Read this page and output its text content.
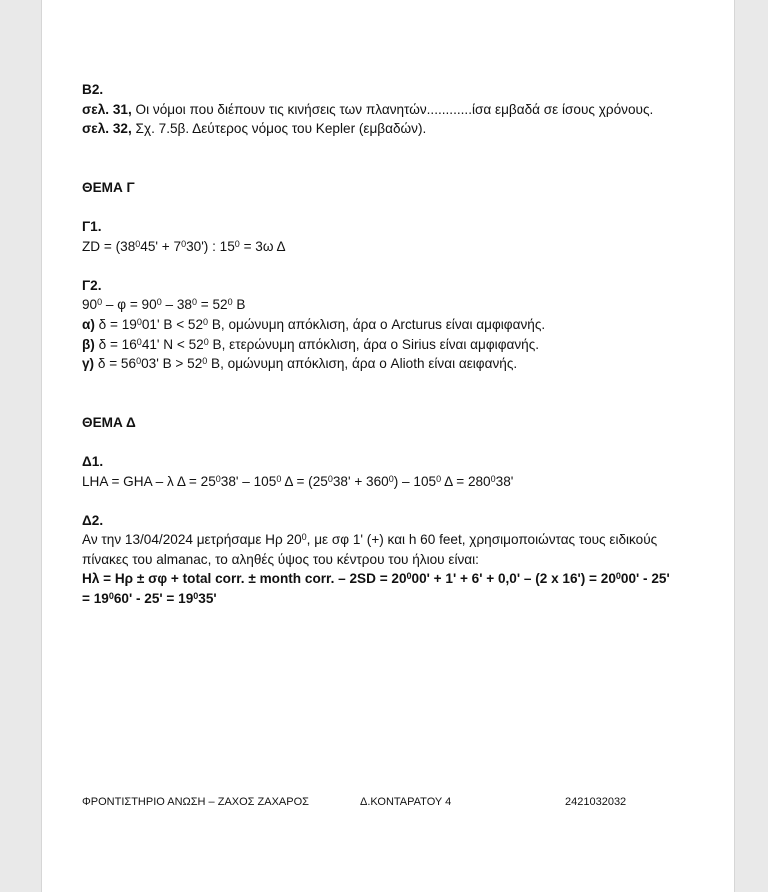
Β2.
σελ. 31, Οι νόμοι που διέπουν τις κινήσεις των πλανητών............ίσα εμβαδά σε ίσους χρόνους.
σελ. 32, Σχ. 7.5β. Δεύτερος νόμος του Kepler (εμβαδών).
ΘΕΜΑ Γ
Γ1.
ZD = $(38^045' + 7^030')$ : $15^0 = 3\omega$ Δ
Γ2.
$90^0 - \varphi = 90^0 - 38^0 = 52^0$ Β
α) $\delta = 19^001'$ $B < 52^0$ Β, ομώνυμη απόκλιση, άρα ο Arcturus είναι αμφιφανής.
β) $\delta = 16^041'$ $N < 52^0$ Β, ετερώνυμη απόκλιση, άρα ο Sirius είναι αμφιφανής.
γ) $\delta = 56^003'$ $B > 52^0$ Β, ομώνυμη απόκλιση, άρα ο Alioth είναι αειφανής.
ΘΕΜΑ Δ
Δ1.
LHA = GHA – λ $\Delta = 25^038' - 105^0$ $\Delta = (25^038' + 360^0) - 105^0$ $\Delta = 280^038'$
Δ2.
Αν την 13/04/2024 μετρήσαμε Hρ $20^0$, με σφ 1' (+) και h 60 feet, χρησιμοποιώντας τους ειδικούς πίνακες του almanac, το αληθές ύψος του κέντρου του ήλιου είναι:
Hλ = Hρ ± σφ + total corr. ± month corr. – $2SD = 20^000' + 1' + 6' + 0,0' - (2$ x $16') = 20^000' - 25'$
= $19^060' - 25' = 19^035'$
ΦΡΟΝΤΙΣΤΗΡΙΟ ΑΝΩΣΗ – ΖΑΧΟΣ ΖΑΧΑΡΟΣ	Δ.ΚΟΝΤΑΡΑΤΟΥ 4	2421032032
